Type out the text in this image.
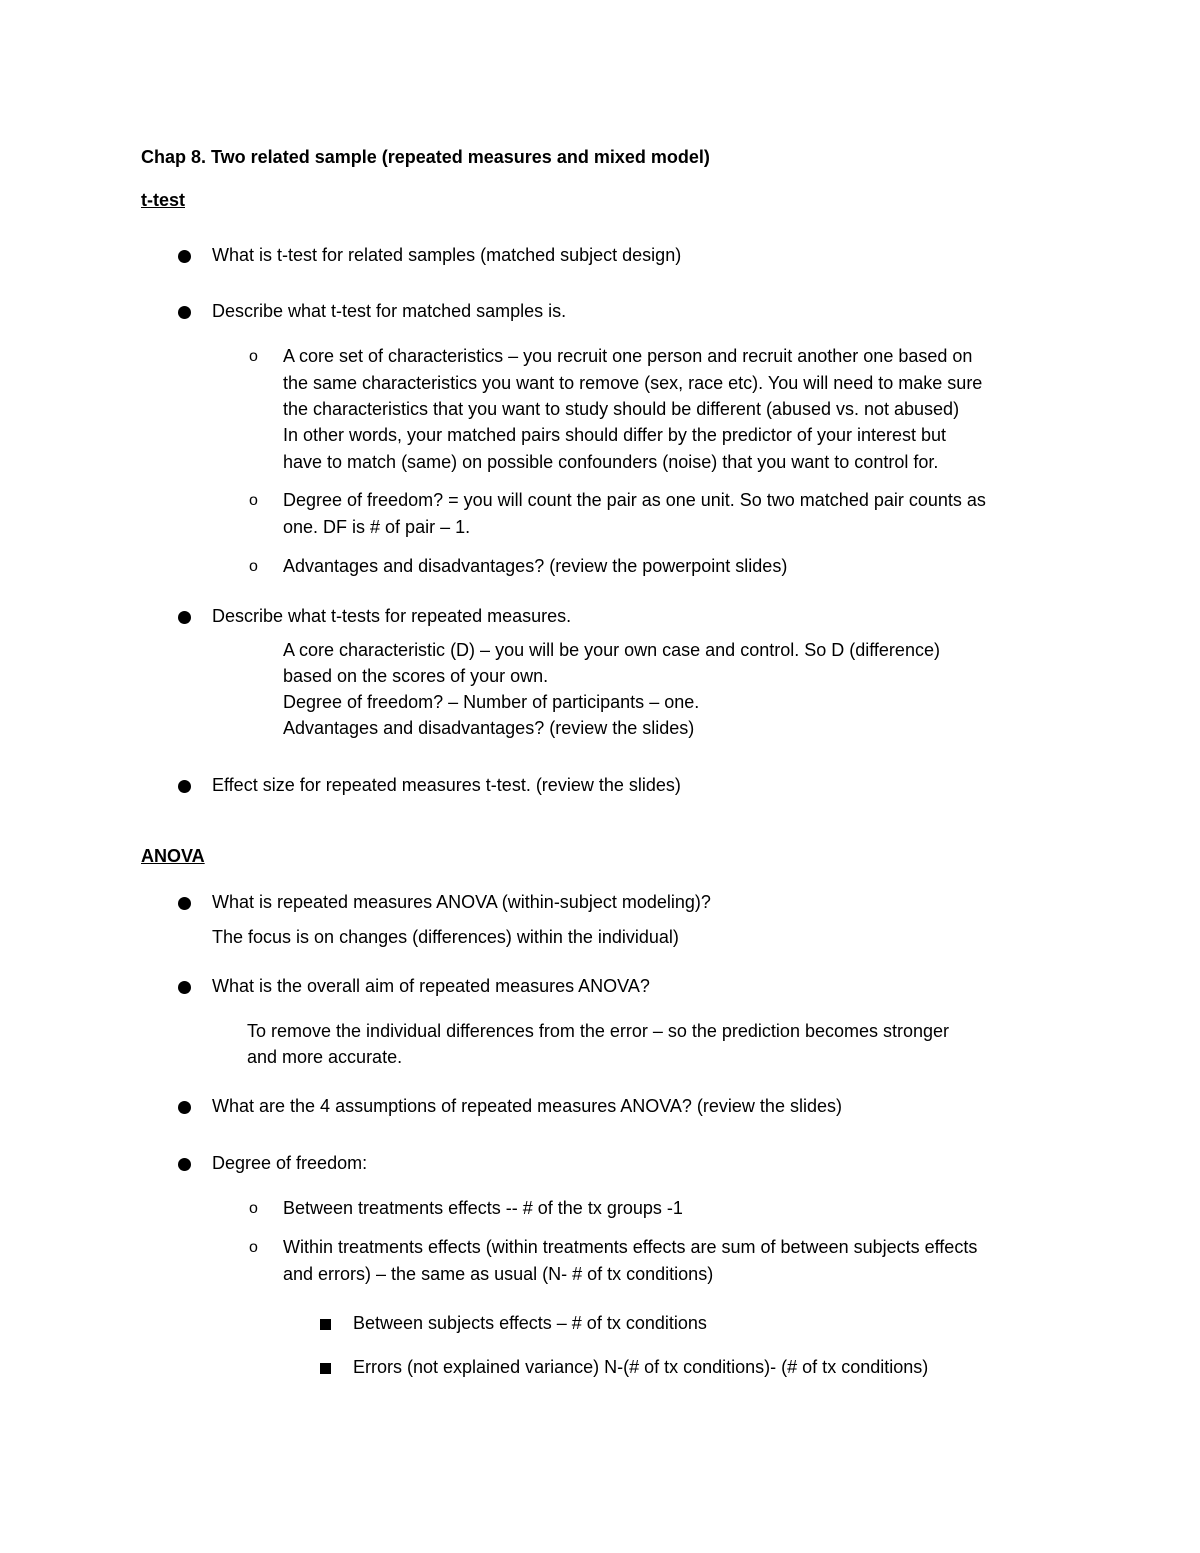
Chap 8. Two related sample (repeated measures and mixed model)
t-test
What is t-test for related samples (matched subject design)
Describe what t-test for matched samples is.
o A core set of characteristics – you recruit one person and recruit another one based on
the same characteristics you want to remove (sex, race etc). You will need to make sure
the characteristics that you want to study should be different (abused vs. not abused)
In other words, your matched pairs should differ by the predictor of your interest but
have to match (same) on possible confounders (noise) that you want to control for.
o Degree of freedom? = you will count the pair as one unit. So two matched pair counts as
one. DF is # of pair – 1.
o Advantages and disadvantages? (review the powerpoint slides)
Describe what t-tests for repeated measures.
A core characteristic (D) – you will be your own case and control. So D (difference)
based on the scores of your own.
Degree of freedom? – Number of participants – one.
Advantages and disadvantages? (review the slides)
Effect size for repeated measures t-test. (review the slides)
ANOVA
What is repeated measures ANOVA (within-subject modeling)?
The focus is on changes (differences) within the individual)
What is the overall aim of repeated measures ANOVA?
To remove the individual differences from the error – so the prediction becomes stronger
and more accurate.
What are the 4 assumptions of repeated measures ANOVA? (review the slides)
Degree of freedom:
o Between treatments effects -- # of the tx groups -1
o Within treatments effects (within treatments effects are sum of between subjects effects
and errors) – the same as usual (N- # of tx conditions)
Between subjects effects – # of tx conditions
Errors (not explained variance) N-(# of tx conditions)- (# of tx conditions)
